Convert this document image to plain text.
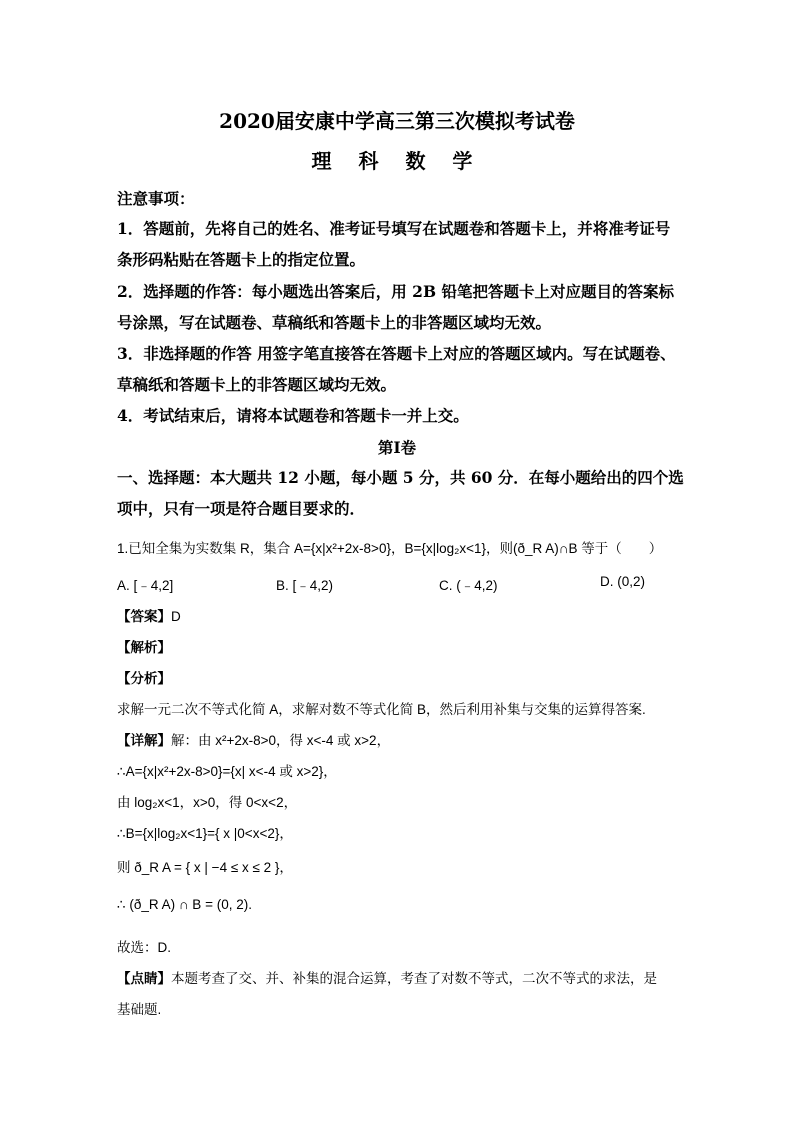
2020届安康中学高三第三次模拟考试卷
理 科 数 学
注意事项：
1．答题前，先将自己的姓名、准考证号填写在试题卷和答题卡上，并将准考证号
条形码粘贴在答题卡上的指定位置。
2．选择题的作答：每小题选出答案后，用 2B 铅笔把答题卡上对应题目的答案标
号涂黑，写在试题卷、草稿纸和答题卡上的非答题区域均无效。
3．非选择题的作答 用签字笔直接答在答题卡上对应的答题区域内。写在试题卷、
草稿纸和答题卡上的非答题区域均无效。
4．考试结束后，请将本试题卷和答题卡一并上交。
第Ⅰ卷
一、选择题：本大题共 12 小题，每小题 5 分，共 60 分．在每小题给出的四个选
项中，只有一项是符合题目要求的．
1.已知全集为实数集 R，集合 A={x|x²+2x-8>0}，B={x|log₂x<1}，则(ð_R A)∩B 等于（　　）
A. [﹣4,2]	B. [﹣4,2)	C. (﹣4,2)	D. (0,2)
【答案】D
【解析】
【分析】
求解一元二次不等式化简 A，求解对数不等式化简 B，然后利用补集与交集的运算得答案.
【详解】解：由 x²+2x-8>0，得 x<-4 或 x>2，
∴A={x|x²+2x-8>0}={x| x<-4 或 x>2}，
由 log₂x<1，x>0，得 0<x<2，
∴B={x|log₂x<1}={ x |0<x<2}，
则 ð_R A = { x | −4 ≤ x ≤ 2 }，
∴ (ð_R A) ∩ B = (0, 2).
故选：D.
【点睛】本题考查了交、并、补集的混合运算，考查了对数不等式，二次不等式的求法，是
基础题.
